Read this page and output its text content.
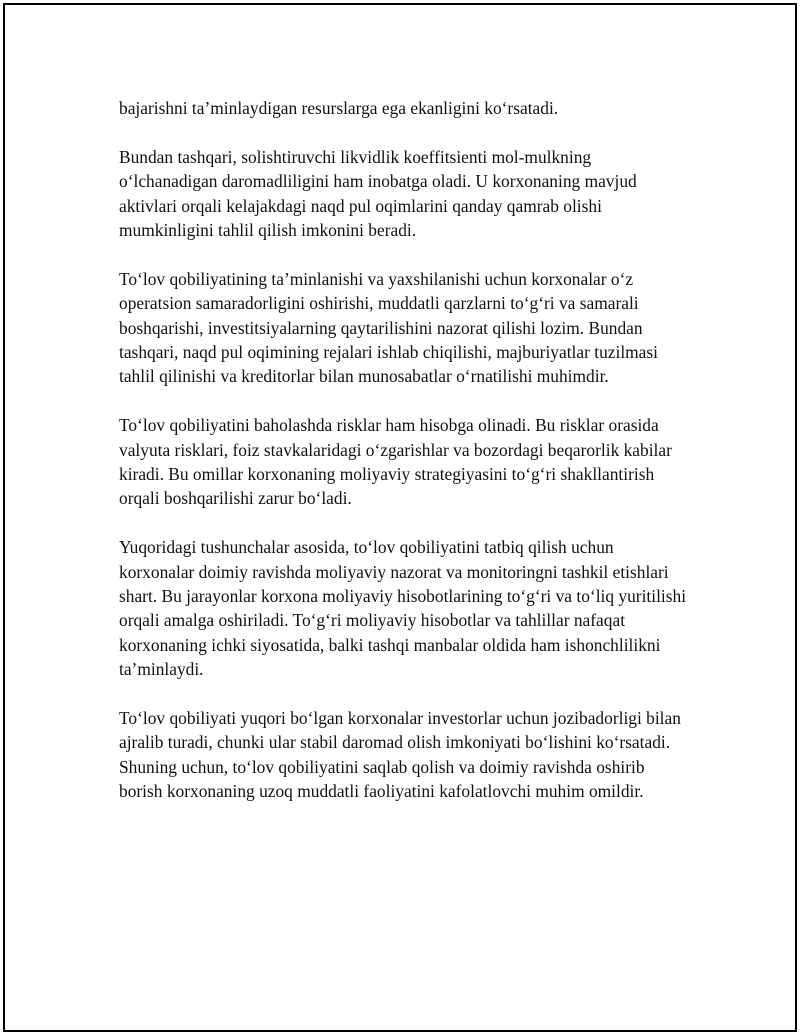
bajarishni ta’minlaydigan resurslarga ega ekanligini ko‘rsatadi.

Bundan tashqari, solishtiruvchi likvidlik koeffitsienti mol-mulkning o‘lchanadigan daromadliligini ham inobatga oladi. U korxonaning mavjud aktivlari orqali kelajakdagi naqd pul oqimlarini qanday qamrab olishi mumkinligini tahlil qilish imkonini beradi.

To‘lov qobiliyatining ta’minlanishi va yaxshilanishi uchun korxonalar o‘z operatsion samaradorligini oshirishi, muddatli qarzlarni to‘g‘ri va samarali boshqarishi, investitsiyalarning qaytarilishini nazorat qilishi lozim. Bundan tashqari, naqd pul oqimining rejalari ishlab chiqilishi, majburiyatlar tuzilmasi tahlil qilinishi va kreditorlar bilan munosabatlar o‘rnatilishi muhimdir.

To‘lov qobiliyatini baholashda risklar ham hisobga olinadi. Bu risklar orasida valyuta risklari, foiz stavkalaridagi o‘zgarishlar va bozordagi beqarorlik kabilar kiradi. Bu omillar korxonaning moliyaviy strategiyasini to‘g‘ri shakllantirish orqali boshqarilishi zarur bo‘ladi.

Yuqoridagi tushunchalar asosida, to‘lov qobiliyatini tatbiq qilish uchun korxonalar doimiy ravishda moliyaviy nazorat va monitoringni tashkil etishlari shart. Bu jarayonlar korxona moliyaviy hisobotlarining to‘g‘ri va to‘liq yuritilishi orqali amalga oshiriladi. To‘g‘ri moliyaviy hisobotlar va tahlillar nafaqat korxonaning ichki siyosatida, balki tashqi manbalar oldida ham ishonchlilikni ta’minlaydi.

To‘lov qobiliyati yuqori bo‘lgan korxonalar investorlar uchun jozibadorligi bilan ajralib turadi, chunki ular stabil daromad olish imkoniyati bo‘lishini ko‘rsatadi. Shuning uchun, to‘lov qobiliyatini saqlab qolish va doimiy ravishda oshirib borish korxonaning uzoq muddatli faoliyatini kafolatlovchi muhim omildir.
